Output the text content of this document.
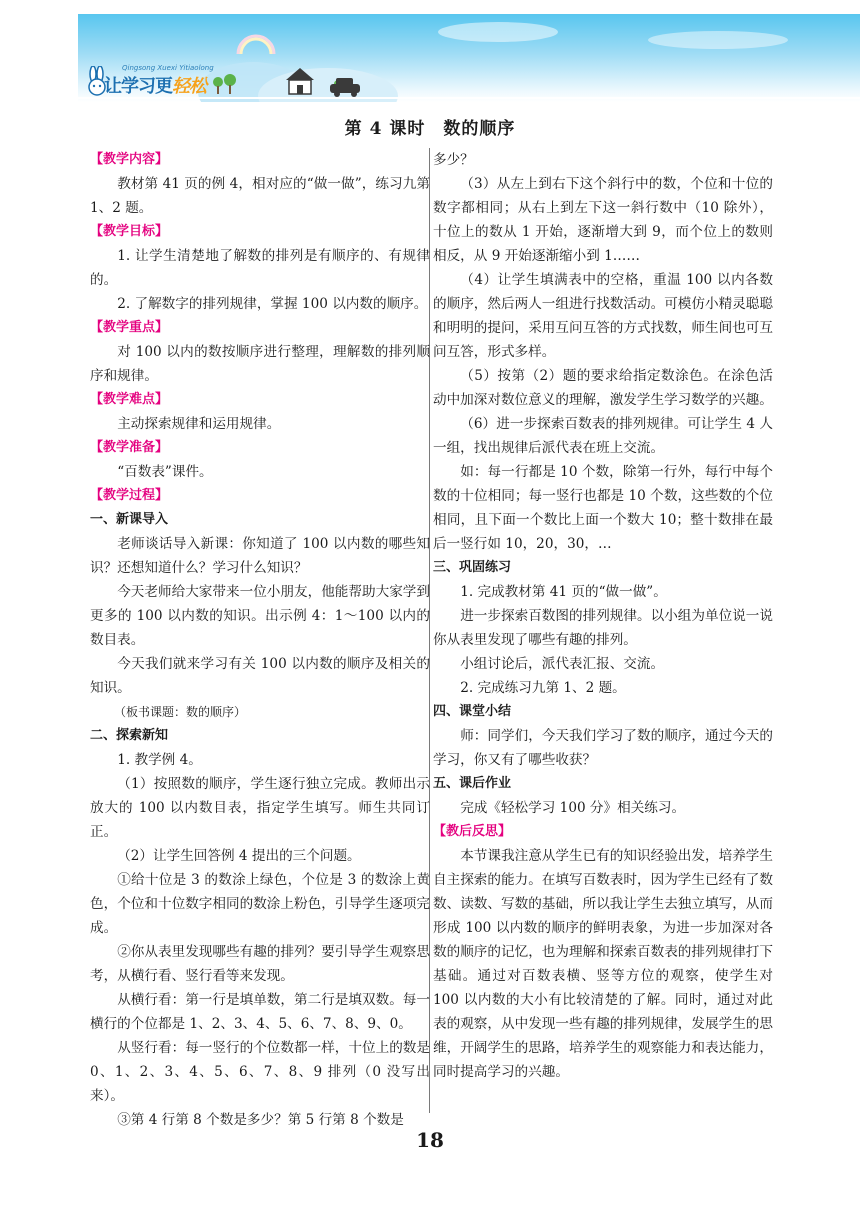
Qingsong Xuexi Yitiaolong
让学习更轻松
第 4 课时　数的顺序

【教学内容】

教材第 41 页的例 4，相对应的“做一做”，练习九第 1、2 题。

【教学目标】

1. 让学生清楚地了解数的排列是有顺序的、有规律的。

2. 了解数字的排列规律，掌握 100 以内数的顺序。

【教学重点】

对 100 以内的数按顺序进行整理，理解数的排列顺序和规律。

【教学难点】

主动探索规律和运用规律。

【教学准备】

“百数表”课件。

【教学过程】

一、新课导入

老师谈话导入新课：你知道了 100 以内数的哪些知识？还想知道什么？学习什么知识？

今天老师给大家带来一位小朋友，他能帮助大家学到更多的 100 以内数的知识。出示例 4：1～100 以内的数目表。

今天我们就来学习有关 100 以内数的顺序及相关的知识。

（板书课题：数的顺序）

二、探索新知

1. 教学例 4。

（1）按照数的顺序，学生逐行独立完成。教师出示放大的 100 以内数目表，指定学生填写。师生共同订正。

（2）让学生回答例 4 提出的三个问题。

①给十位是 3 的数涂上绿色，个位是 3 的数涂上黄色，个位和十位数字相同的数涂上粉色，引导学生逐项完成。

②你从表里发现哪些有趣的排列？要引导学生观察思考，从横行看、竖行看等来发现。

从横行看：第一行是填单数，第二行是填双数。每一横行的个位都是 1、2、3、4、5、6、7、8、9、0。

从竖行看：每一竖行的个位数都一样，十位上的数是 0、1、2、3、4、5、6、7、8、9 排列（0 没写出来）。

③第 4 行第 8 个数是多少？第 5 行第 8 个数是

多少？

（3）从左上到右下这个斜行中的数，个位和十位的数字都相同；从右上到左下这一斜行数中（10 除外），十位上的数从 1 开始，逐渐增大到 9，而个位上的数则相反，从 9 开始逐渐缩小到 1……

（4）让学生填满表中的空格，重温 100 以内各数的顺序，然后两人一组进行找数活动。可模仿小精灵聪聪和明明的提问，采用互问互答的方式找数，师生间也可互问互答，形式多样。

（5）按第（2）题的要求给指定数涂色。在涂色活动中加深对数位意义的理解，激发学生学习数学的兴趣。

（6）进一步探索百数表的排列规律。可让学生 4 人一组，找出规律后派代表在班上交流。

如：每一行都是 10 个数，除第一行外，每行中每个数的十位相同；每一竖行也都是 10 个数，这些数的个位相同，且下面一个数比上面一个数大 10；整十数排在最后一竖行如 10，20，30，…

三、巩固练习

1. 完成教材第 41 页的“做一做”。

进一步探索百数图的排列规律。以小组为单位说一说你从表里发现了哪些有趣的排列。

小组讨论后，派代表汇报、交流。

2. 完成练习九第 1、2 题。

四、课堂小结

师：同学们，今天我们学习了数的顺序，通过今天的学习，你又有了哪些收获？

五、课后作业

完成《轻松学习 100 分》相关练习。

【教后反思】

本节课我注意从学生已有的知识经验出发，培养学生自主探索的能力。在填写百数表时，因为学生已经有了数数、读数、写数的基础，所以我让学生去独立填写，从而形成 100 以内数的顺序的鲜明表象，为进一步加深对各数的顺序的记忆，也为理解和探索百数表的排列规律打下基础。通过对百数表横、竖等方位的观察，使学生对 100 以内数的大小有比较清楚的了解。同时，通过对此表的观察，从中发现一些有趣的排列规律，发展学生的思维，开阔学生的思路，培养学生的观察能力和表达能力，同时提高学习的兴趣。

18
